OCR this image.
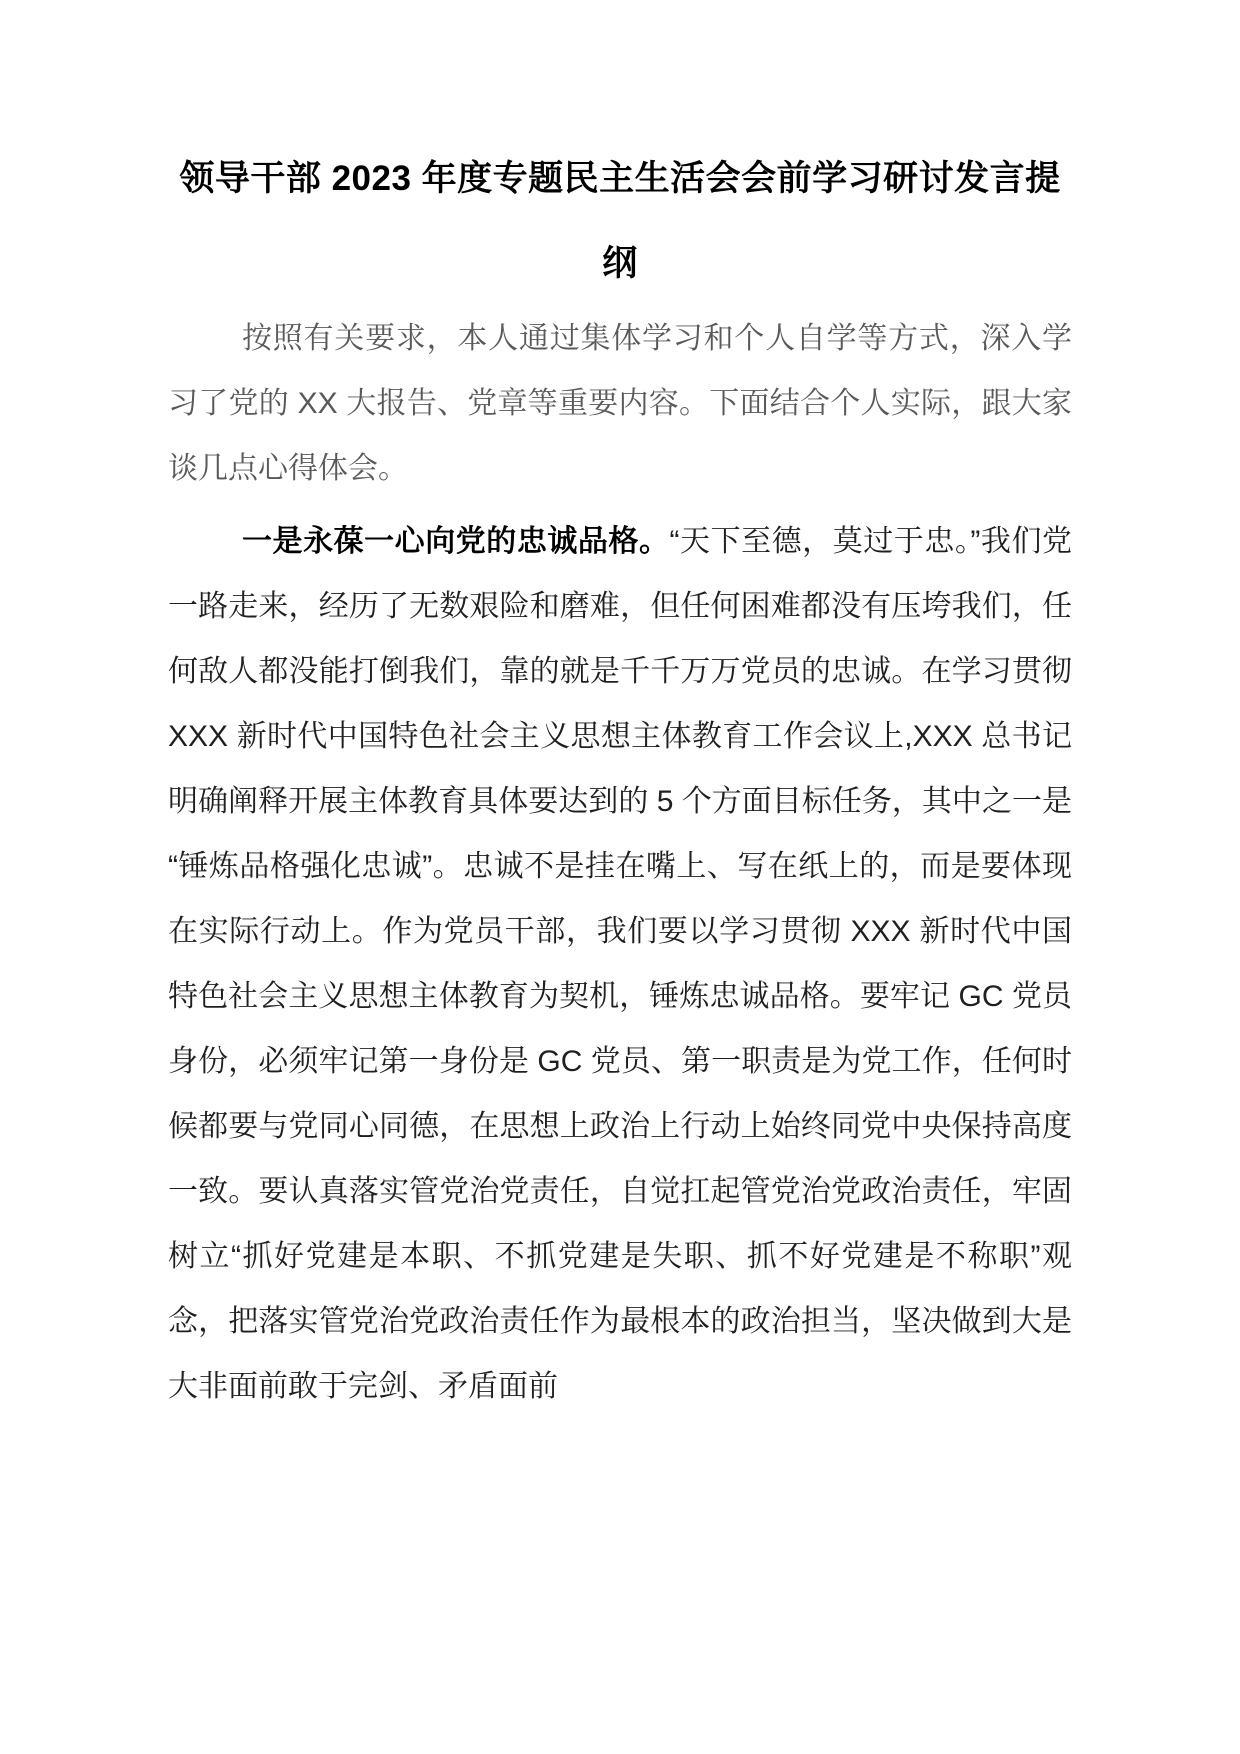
领导干部 2023 年度专题民主生活会会前学习研讨发言提纲

按照有关要求，本人通过集体学习和个人自学等方式，深入学习了党的 XX 大报告、党章等重要内容。下面结合个人实际，跟大家谈几点心得体会。

一是永葆一心向党的忠诚品格。“天下至德，莫过于忠。”我们党一路走来，经历了无数艰险和磨难，但任何困难都没有压垮我们，任何敌人都没能打倒我们，靠的就是千千万万党员的忠诚。在学习贯彻 XXX 新时代中国特色社会主义思想主体教育工作会议上,XXX 总书记明确阐释开展主体教育具体要达到的 5 个方面目标任务，其中之一是“锤炼品格强化忠诚”。忠诚不是挂在嘴上、写在纸上的，而是要体现在实际行动上。作为党员干部，我们要以学习贯彻 XXX 新时代中国特色社会主义思想主体教育为契机，锤炼忠诚品格。要牢记 GC 党员身份，必须牢记第一身份是 GC 党员、第一职责是为党工作，任何时候都要与党同心同德，在思想上政治上行动上始终同党中央保持高度一致。要认真落实管党治党责任，自觉扛起管党治党政治责任，牢固树立“抓好党建是本职、不抓党建是失职、抓不好党建是不称职”观念，把落实管党治党政治责任作为最根本的政治担当，坚决做到大是大非面前敢于完剑、矛盾面前
